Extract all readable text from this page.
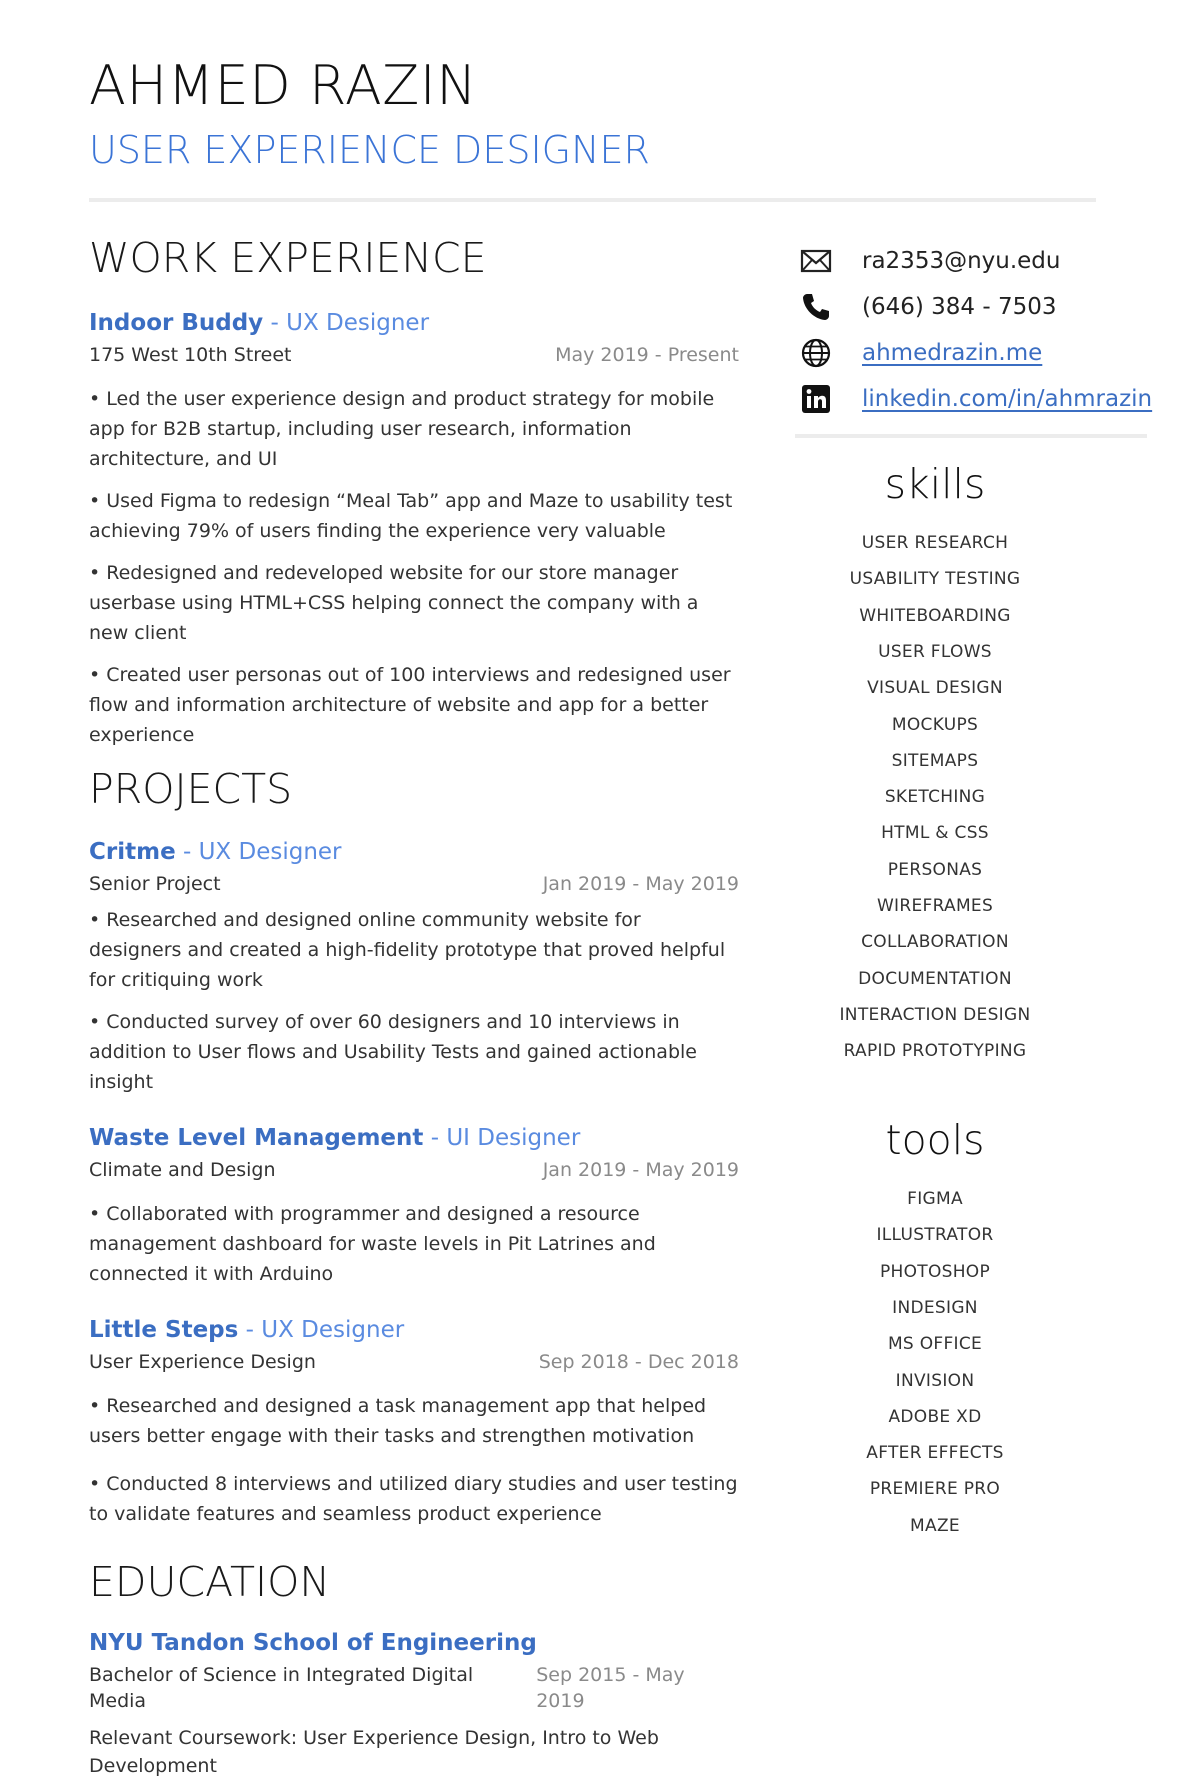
AHMED RAZIN
USER EXPERIENCE DESIGNER
WORK EXPERIENCE
Indoor Buddy - UX Designer
175 West 10th Street	May 2019 - Present
• Led the user experience design and product strategy for mobile app for B2B startup, including user research, information architecture, and UI
• Used Figma to redesign “Meal Tab” app and Maze to usability test achieving 79% of users finding the experience very valuable
• Redesigned and redeveloped website for our store manager userbase using HTML+CSS helping connect the company with a new client
• Created user personas out of 100 interviews and redesigned user flow and information architecture of website and app for a better experience
PROJECTS
Critme - UX Designer
Senior Project	Jan 2019 - May 2019
• Researched and designed online community website for designers and created a high-fidelity prototype that proved helpful for critiquing work
• Conducted survey of over 60 designers and 10 interviews in addition to User flows and Usability Tests and gained actionable insight
Waste Level Management - UI Designer
Climate and Design	Jan 2019 - May 2019
• Collaborated with programmer and designed a resource management dashboard for waste levels in Pit Latrines and connected it with Arduino
Little Steps - UX Designer
User Experience Design	Sep 2018 - Dec 2018
• Researched and designed a task management app that helped users better engage with their tasks and strengthen motivation
• Conducted 8 interviews and utilized diary studies and user testing to validate features and seamless product experience
EDUCATION
NYU Tandon School of Engineering
Bachelor of Science in Integrated Digital Media
Sep 2015 - May 2019
Relevant Coursework: User Experience Design, Intro to Web Development
ra2353@nyu.edu
(646) 384 - 7503
ahmedrazin.me
linkedin.com/in/ahmrazin
skills
USER RESEARCH
USABILITY TESTING
WHITEBOARDING
USER FLOWS
VISUAL DESIGN
MOCKUPS
SITEMAPS
SKETCHING
HTML & CSS
PERSONAS
WIREFRAMES
COLLABORATION
DOCUMENTATION
INTERACTION DESIGN
RAPID PROTOTYPING
tools
FIGMA
ILLUSTRATOR
PHOTOSHOP
INDESIGN
MS OFFICE
INVISION
ADOBE XD
AFTER EFFECTS
PREMIERE PRO
MAZE
